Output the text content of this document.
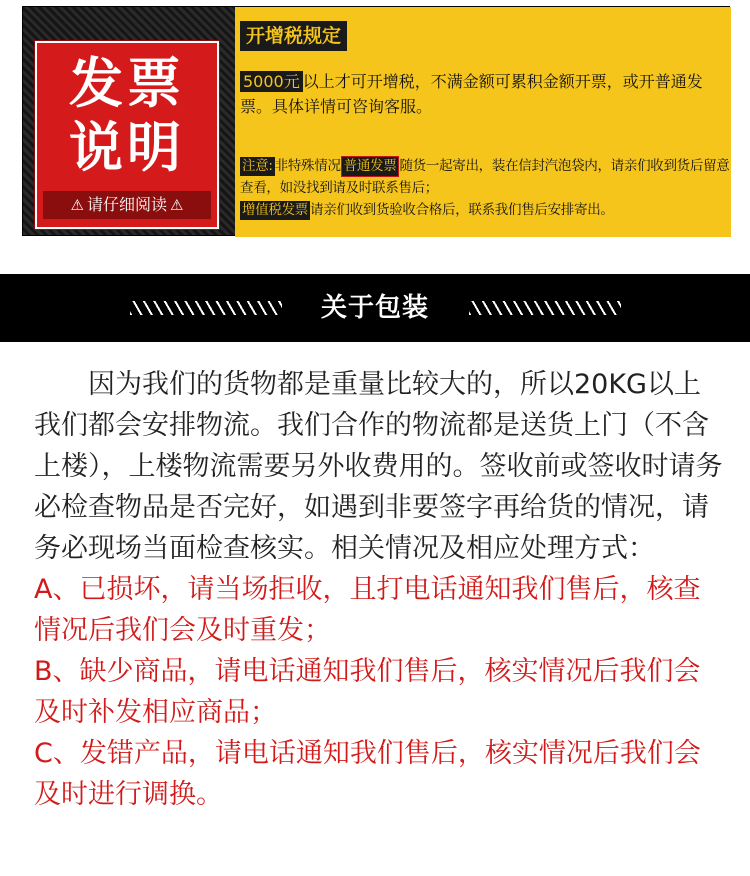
发票
说明
⚠ 请仔细阅读 ⚠
开增税规定
5000元 以上才可开增税，不满金额可累积金额开票，或开普通发票。具体详情可咨询客服。
注意: 非特殊情况 普通发票 随货一起寄出，装在信封汽泡袋内，请亲们收到货后留意查看，如没找到请及时联系售后；
增值税发票 请亲们收到货验收合格后，联系我们售后安排寄出。
关于包装

因为我们的货物都是重量比较大的，所以20KG以上我们都会安排物流。我们合作的物流都是送货上门（不含上楼），上楼物流需要另外收费用的。签收前或签收时请务必检查物品是否完好，如遇到非要签字再给货的情况，请务必现场当面检查核实。相关情况及相应处理方式：

A、已损坏，请当场拒收，且打电话通知我们售后，核查情况后我们会及时重发；

B、缺少商品，请电话通知我们售后，核实情况后我们会及时补发相应商品；

C、发错产品，请电话通知我们售后，核实情况后我们会及时进行调换。
